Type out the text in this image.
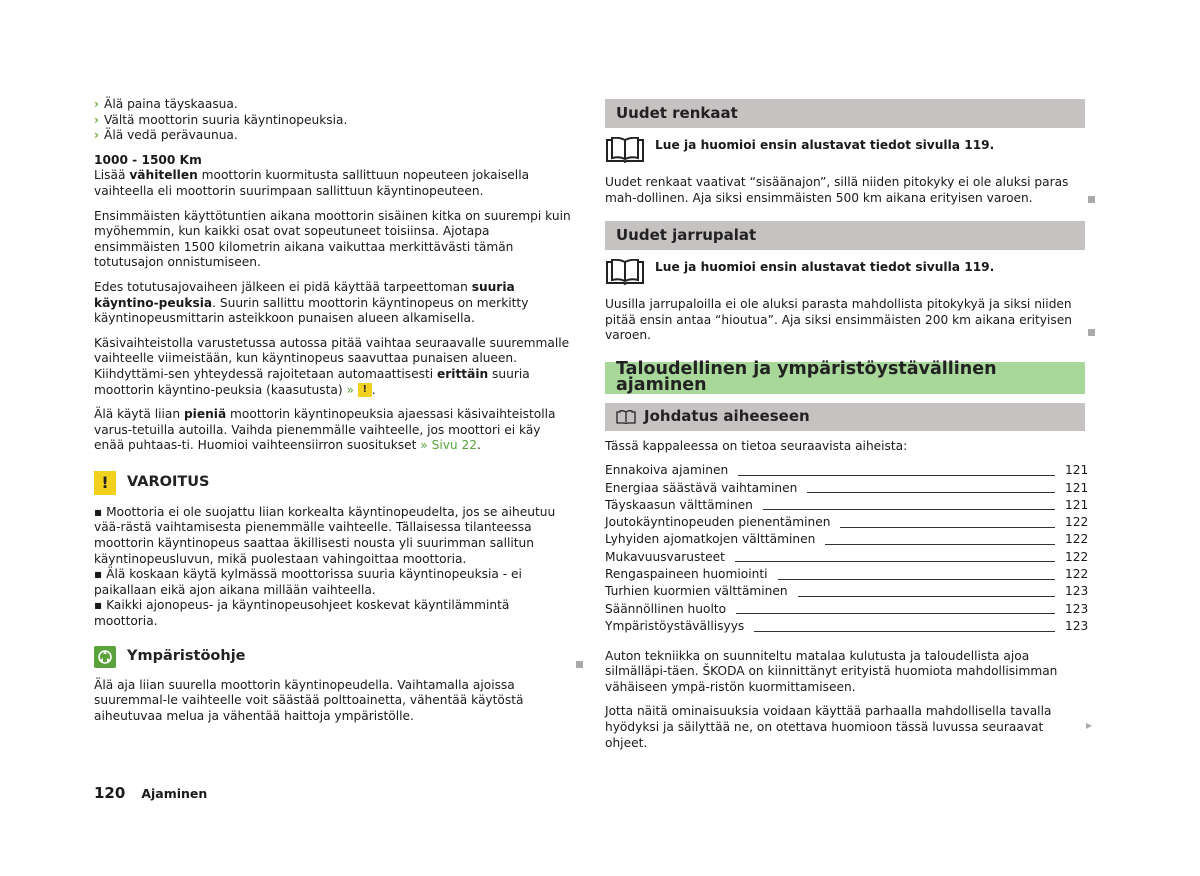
› Älä paina täyskaasua.
› Vältä moottorin suuria käyntinopeuksia.
› Älä vedä perävaunua.
1000 - 1500 Km

Lisää vähitellen moottorin kuormitusta sallittuun nopeuteen jokaisella vaihteella eli moottorin suurimpaan sallittuun käyntinopeuteen.

Ensimmäisten käyttötuntien aikana moottorin sisäinen kitka on suurempi kuin myöhemmin, kun kaikki osat ovat sopeutuneet toisiinsa. Ajotapa ensimmäisten 1500 kilometrin aikana vaikuttaa merkittävästi tämän totutusajon onnistumiseen.

Edes totutusajovaiheen jälkeen ei pidä käyttää tarpeettoman suuria käyntino-peuksia. Suurin sallittu moottorin käyntinopeus on merkitty käyntinopeusmittarin asteikkoon punaisen alueen alkamisella.

Käsivaihteistolla varustetussa autossa pitää vaihtaa seuraavalle suuremmalle vaihteelle viimeistään, kun käyntinopeus saavuttaa punaisen alueen. Kiihdyttämi-sen yhteydessä rajoitetaan automaattisesti erittäin suuria moottorin käyntino-peuksia (kaasutusta) » ! .

Älä käytä liian pieniä moottorin käyntinopeuksia ajaessasi käsivaihteistolla varus-tetuilla autoilla. Vaihda pienemmälle vaihteelle, jos moottori ei käy enää puhtaas-ti. Huomioi vaihteensiirron suositukset » Sivu 22.

!	VAROITUS

▪ Moottoria ei ole suojattu liian korkealta käyntinopeudelta, jos se aiheutuu vää-rästä vaihtamisesta pienemmälle vaihteelle. Tällaisessa tilanteessa moottorin käyntinopeus saattaa äkillisesti nousta yli suurimman sallitun käyntinopeusluvun, mikä puolestaan vahingoittaa moottoria.

▪ Älä koskaan käytä kylmässä moottorissa suuria käyntinopeuksia - ei paikallaan eikä ajon aikana millään vaihteella.

▪ Kaikki ajonopeus- ja käyntinopeusohjeet koskevat käyntilämmintä moottoria.

Ympäristöohje

Älä aja liian suurella moottorin käyntinopeudella. Vaihtamalla ajoissa suuremmal-le vaihteelle voit säästää polttoainetta, vähentää käytöstä aiheutuvaa melua ja vähentää haittoja ympäristölle.

Uudet renkaat
Lue ja huomioi ensin alustavat tiedot sivulla 119.

Uudet renkaat vaativat “sisäänajon”, sillä niiden pitokyky ei ole aluksi paras mah-dollinen. Aja siksi ensimmäisten 500 km aikana erityisen varoen.

Uudet jarrupalat
Lue ja huomioi ensin alustavat tiedot sivulla 119.

Uusilla jarrupaloilla ei ole aluksi parasta mahdollista pitokykyä ja siksi niiden pitää ensin antaa “hioutua”. Aja siksi ensimmäisten 200 km aikana erityisen varoen.

Taloudellinen ja ympäristöystävällinen ajaminen
Johdatus aiheeseen

Tässä kappaleessa on tietoa seuraavista aiheista:

Ennakoiva ajaminen	121
Energiaa säästävä vaihtaminen	121
Täyskaasun välttäminen	121
Joutokäyntinopeuden pienentäminen	122
Lyhyiden ajomatkojen välttäminen	122
Mukavuusvarusteet	122
Rengaspaineen huomiointi	122
Turhien kuormien välttäminen	123
Säännöllinen huolto	123
Ympäristöystävällisyys	123

Auton tekniikka on suunniteltu matalaa kulutusta ja taloudellista ajoa silmälläpi-täen. ŠKODA on kiinnittänyt erityistä huomiota mahdollisimman vähäiseen ympä-ristön kuormittamiseen.

Jotta näitä ominaisuuksia voidaan käyttää parhaalla mahdollisella tavalla hyödyksi ja säilyttää ne, on otettava huomioon tässä luvussa seuraavat ohjeet.

▸
120 Ajaminen
